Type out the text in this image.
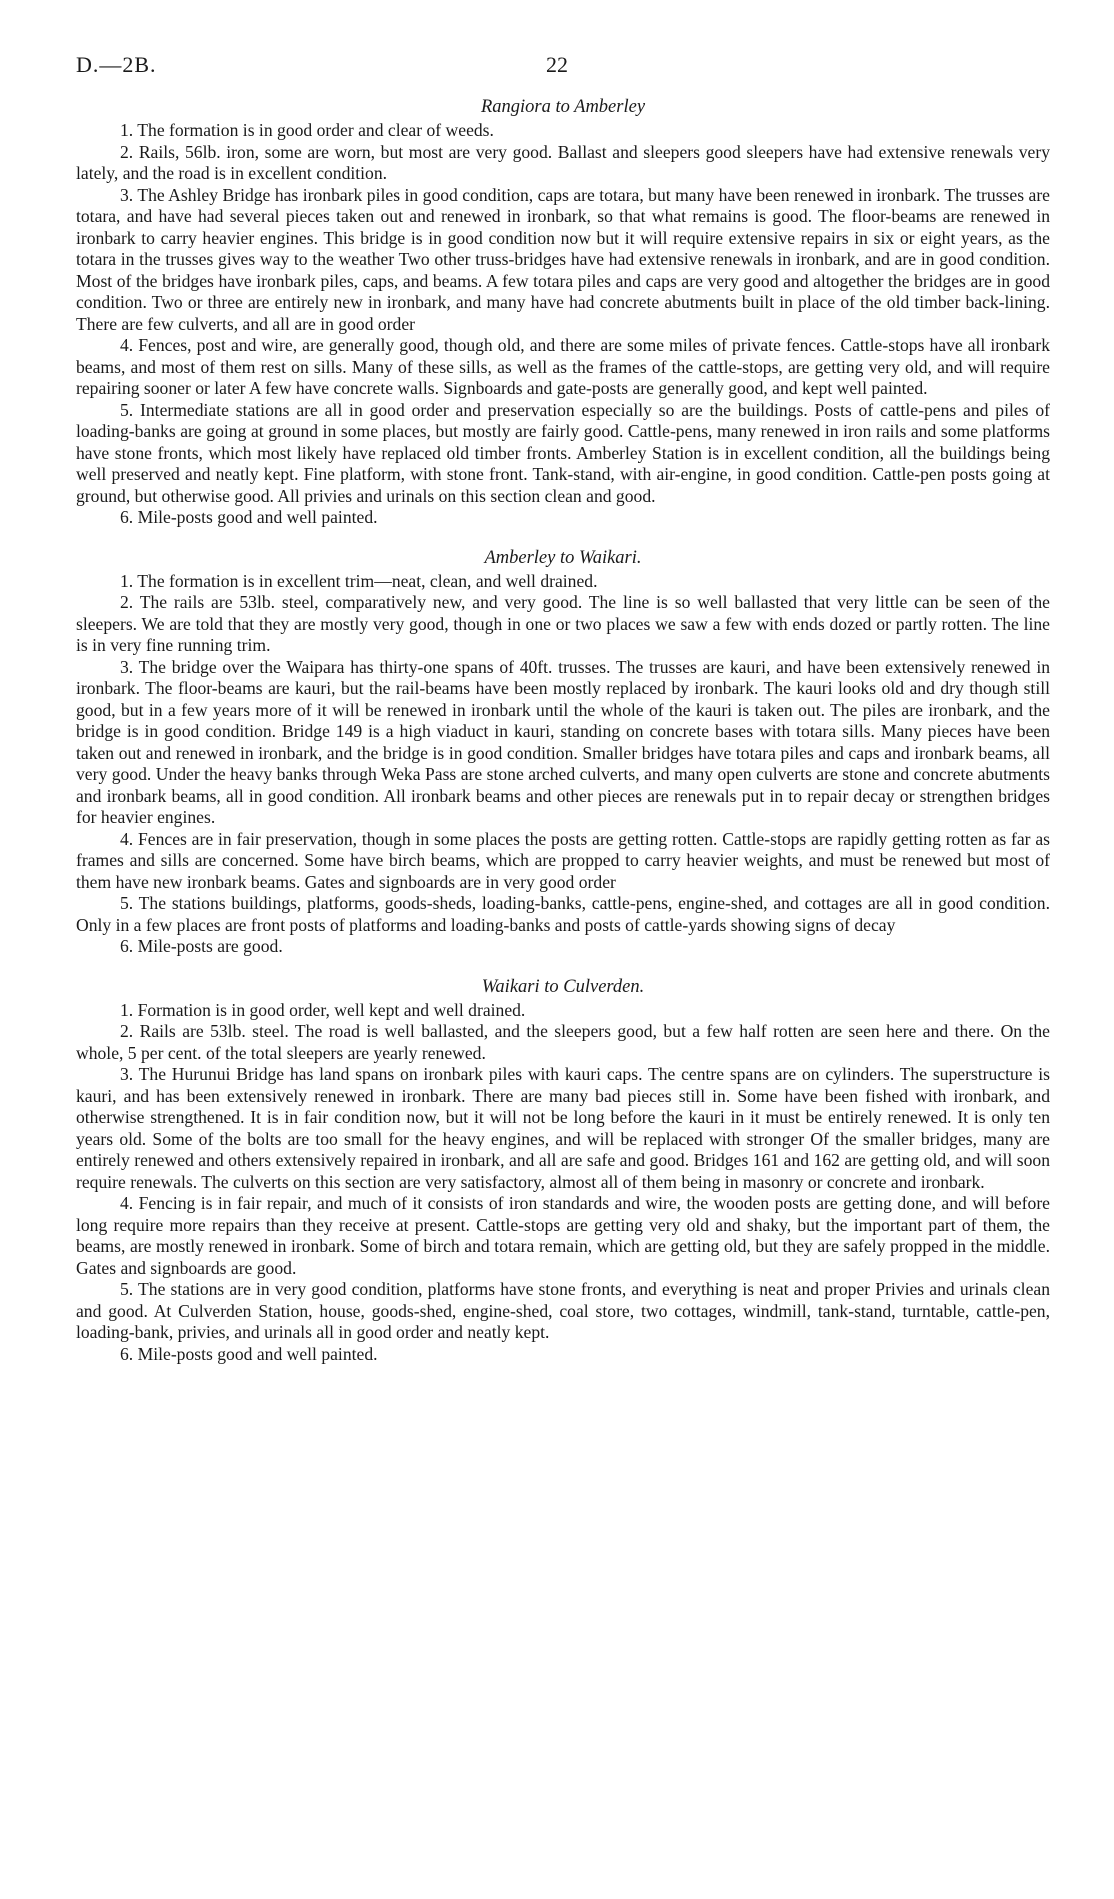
D.—2B.	22
Rangiora to Amberley

1. The formation is in good order and clear of weeds.

2. Rails, 56lb. iron, some are worn, but most are very good. Ballast and sleepers good sleepers have had extensive renewals very lately, and the road is in excellent condition.

3. The Ashley Bridge has ironbark piles in good condition, caps are totara, but many have been renewed in ironbark. The trusses are totara, and have had several pieces taken out and renewed in ironbark, so that what remains is good. The floor-beams are renewed in ironbark to carry heavier engines. This bridge is in good condition now but it will require extensive repairs in six or eight years, as the totara in the trusses gives way to the weather Two other truss-bridges have had extensive renewals in ironbark, and are in good condition. Most of the bridges have ironbark piles, caps, and beams. A few totara piles and caps are very good and altogether the bridges are in good condition. Two or three are entirely new in ironbark, and many have had concrete abutments built in place of the old timber back-lining. There are few culverts, and all are in good order

4. Fences, post and wire, are generally good, though old, and there are some miles of private fences. Cattle-stops have all ironbark beams, and most of them rest on sills. Many of these sills, as well as the frames of the cattle-stops, are getting very old, and will require repairing sooner or later A few have concrete walls. Signboards and gate-posts are generally good, and kept well painted.

5. Intermediate stations are all in good order and preservation especially so are the buildings. Posts of cattle-pens and piles of loading-banks are going at ground in some places, but mostly are fairly good. Cattle-pens, many renewed in iron rails and some platforms have stone fronts, which most likely have replaced old timber fronts. Amberley Station is in excellent condition, all the buildings being well preserved and neatly kept. Fine platform, with stone front. Tank-stand, with air-engine, in good condition. Cattle-pen posts going at ground, but otherwise good. All privies and urinals on this section clean and good.

6. Mile-posts good and well painted.

Amberley to Waikari.

1. The formation is in excellent trim—neat, clean, and well drained.

2. The rails are 53lb. steel, comparatively new, and very good. The line is so well ballasted that very little can be seen of the sleepers. We are told that they are mostly very good, though in one or two places we saw a few with ends dozed or partly rotten. The line is in very fine running trim.

3. The bridge over the Waipara has thirty-one spans of 40ft. trusses. The trusses are kauri, and have been extensively renewed in ironbark. The floor-beams are kauri, but the rail-beams have been mostly replaced by ironbark. The kauri looks old and dry though still good, but in a few years more of it will be renewed in ironbark until the whole of the kauri is taken out. The piles are ironbark, and the bridge is in good condition. Bridge 149 is a high viaduct in kauri, standing on concrete bases with totara sills. Many pieces have been taken out and renewed in ironbark, and the bridge is in good condition. Smaller bridges have totara piles and caps and ironbark beams, all very good. Under the heavy banks through Weka Pass are stone arched culverts, and many open culverts are stone and concrete abutments and ironbark beams, all in good condition. All ironbark beams and other pieces are renewals put in to repair decay or strengthen bridges for heavier engines.

4. Fences are in fair preservation, though in some places the posts are getting rotten. Cattle-stops are rapidly getting rotten as far as frames and sills are concerned. Some have birch beams, which are propped to carry heavier weights, and must be renewed but most of them have new ironbark beams. Gates and signboards are in very good order

5. The stations buildings, platforms, goods-sheds, loading-banks, cattle-pens, engine-shed, and cottages are all in good condition. Only in a few places are front posts of platforms and loading-banks and posts of cattle-yards showing signs of decay

6. Mile-posts are good.

Waikari to Culverden.

1. Formation is in good order, well kept and well drained.

2. Rails are 53lb. steel. The road is well ballasted, and the sleepers good, but a few half rotten are seen here and there. On the whole, 5 per cent. of the total sleepers are yearly renewed.

3. The Hurunui Bridge has land spans on ironbark piles with kauri caps. The centre spans are on cylinders. The superstructure is kauri, and has been extensively renewed in ironbark. There are many bad pieces still in. Some have been fished with ironbark, and otherwise strengthened. It is in fair condition now, but it will not be long before the kauri in it must be entirely renewed. It is only ten years old. Some of the bolts are too small for the heavy engines, and will be replaced with stronger Of the smaller bridges, many are entirely renewed and others extensively repaired in ironbark, and all are safe and good. Bridges 161 and 162 are getting old, and will soon require renewals. The culverts on this section are very satisfactory, almost all of them being in masonry or concrete and ironbark.

4. Fencing is in fair repair, and much of it consists of iron standards and wire, the wooden posts are getting done, and will before long require more repairs than they receive at present. Cattle-stops are getting very old and shaky, but the important part of them, the beams, are mostly renewed in ironbark. Some of birch and totara remain, which are getting old, but they are safely propped in the middle. Gates and signboards are good.

5. The stations are in very good condition, platforms have stone fronts, and everything is neat and proper Privies and urinals clean and good. At Culverden Station, house, goods-shed, engine-shed, coal store, two cottages, windmill, tank-stand, turntable, cattle-pen, loading-bank, privies, and urinals all in good order and neatly kept.

6. Mile-posts good and well painted.
